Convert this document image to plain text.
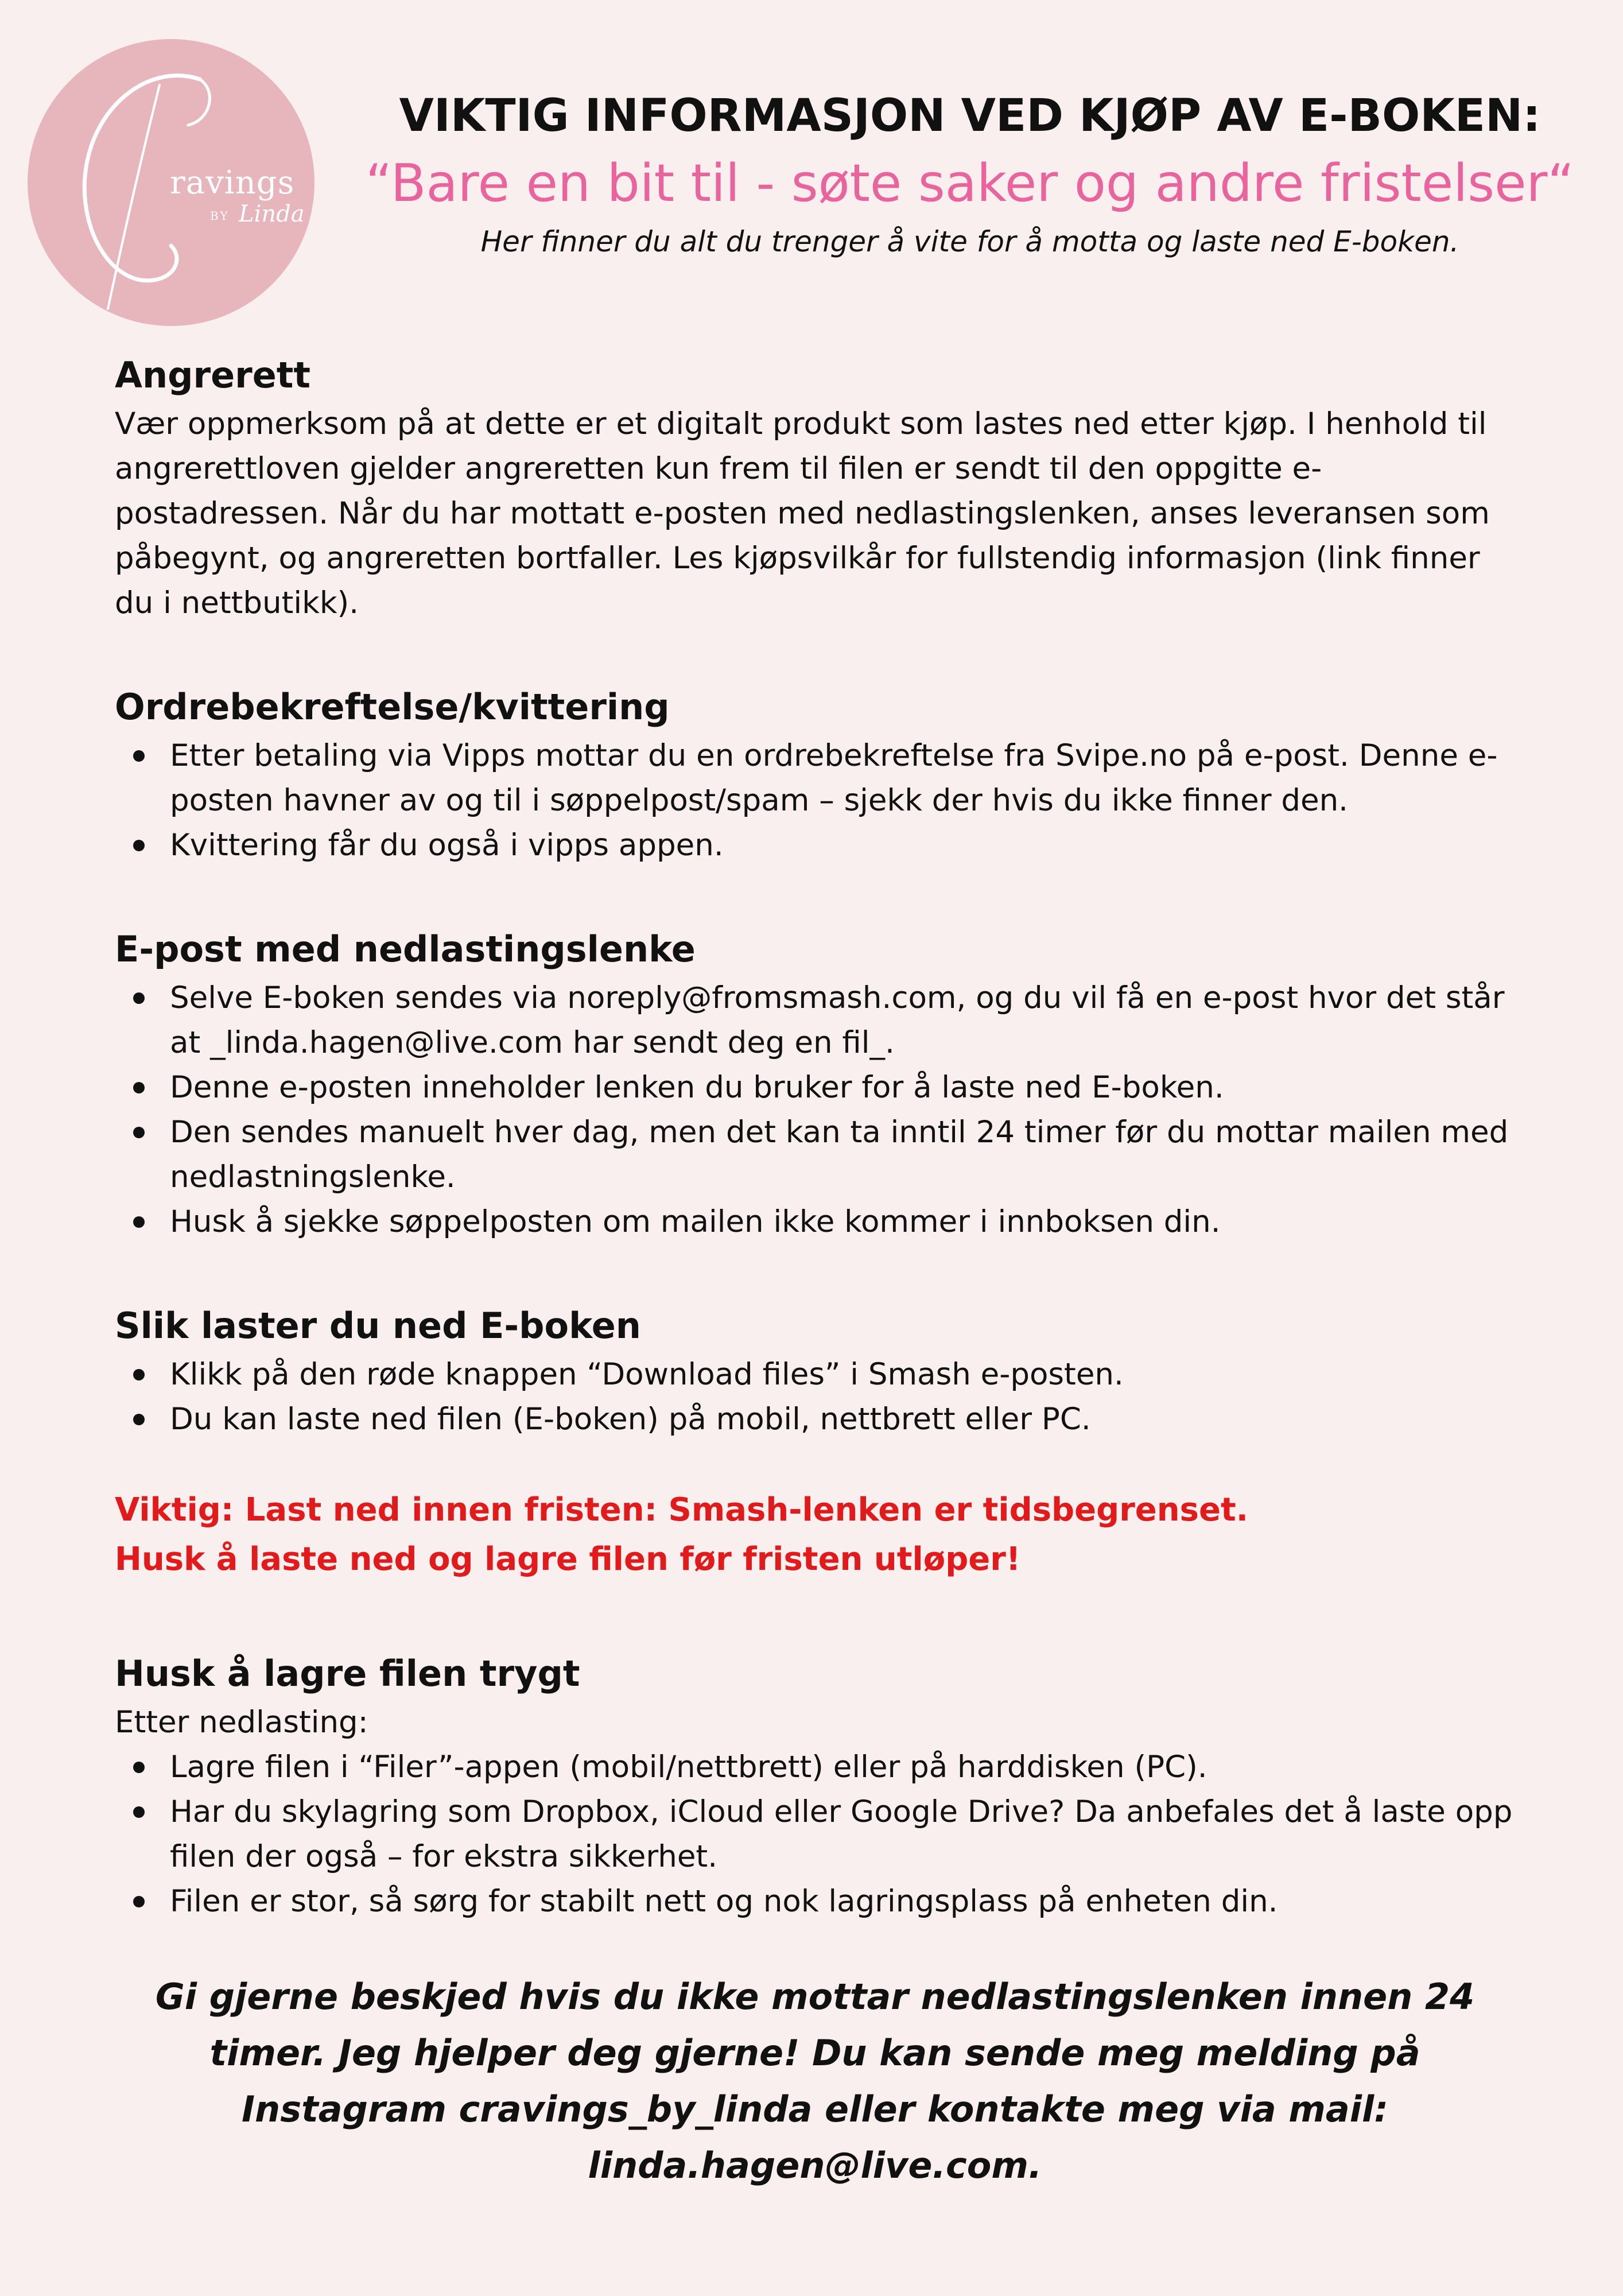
ravings
BY Linda
VIKTIG INFORMASJON VED KJØP AV E-BOKEN:
“Bare en bit til - søte saker og andre fristelser“
Her finner du alt du trenger å vite for å motta og laste ned E-boken.
Angrerett

Vær oppmerksom på at dette er et digitalt produkt som lastes ned etter kjøp. I henhold til angrerettloven gjelder angreretten kun frem til filen er sendt til den oppgitte e-postadressen. Når du har mottatt e-posten med nedlastingslenken, anses leveransen som påbegynt, og angreretten bortfaller. Les kjøpsvilkår for fullstendig informasjon (link finner du i nettbutikk).

Ordrebekreftelse/kvittering
Etter betaling via Vipps mottar du en ordrebekreftelse fra Svipe.no på e-post. Denne e-posten havner av og til i søppelpost/spam – sjekk der hvis du ikke finner den.
Kvittering får du også i vipps appen.
E-post med nedlastingslenke
Selve E-boken sendes via noreply@fromsmash.com, og du vil få en e-post hvor det står at _linda.hagen@live.com har sendt deg en fil_.
Denne e-posten inneholder lenken du bruker for å laste ned E-boken.
Den sendes manuelt hver dag, men det kan ta inntil 24 timer før du mottar mailen med nedlastningslenke.
Husk å sjekke søppelposten om mailen ikke kommer i innboksen din.
Slik laster du ned E-boken
Klikk på den røde knappen “Download files” i Smash e-posten.
Du kan laste ned filen (E-boken) på mobil, nettbrett eller PC.
Viktig: Last ned innen fristen: Smash-lenken er tidsbegrenset.
Husk å laste ned og lagre filen før fristen utløper!
Husk å lagre filen trygt

Etter nedlasting:

Lagre filen i “Filer”-appen (mobil/nettbrett) eller på harddisken (PC).
Har du skylagring som Dropbox, iCloud eller Google Drive? Da anbefales det å laste opp filen der også – for ekstra sikkerhet.
Filen er stor, så sørg for stabilt nett og nok lagringsplass på enheten din.
Gi gjerne beskjed hvis du ikke mottar nedlastingslenken innen 24 timer. Jeg hjelper deg gjerne! Du kan sende meg melding på Instagram cravings_by_linda eller kontakte meg via mail: linda.hagen@live.com.
